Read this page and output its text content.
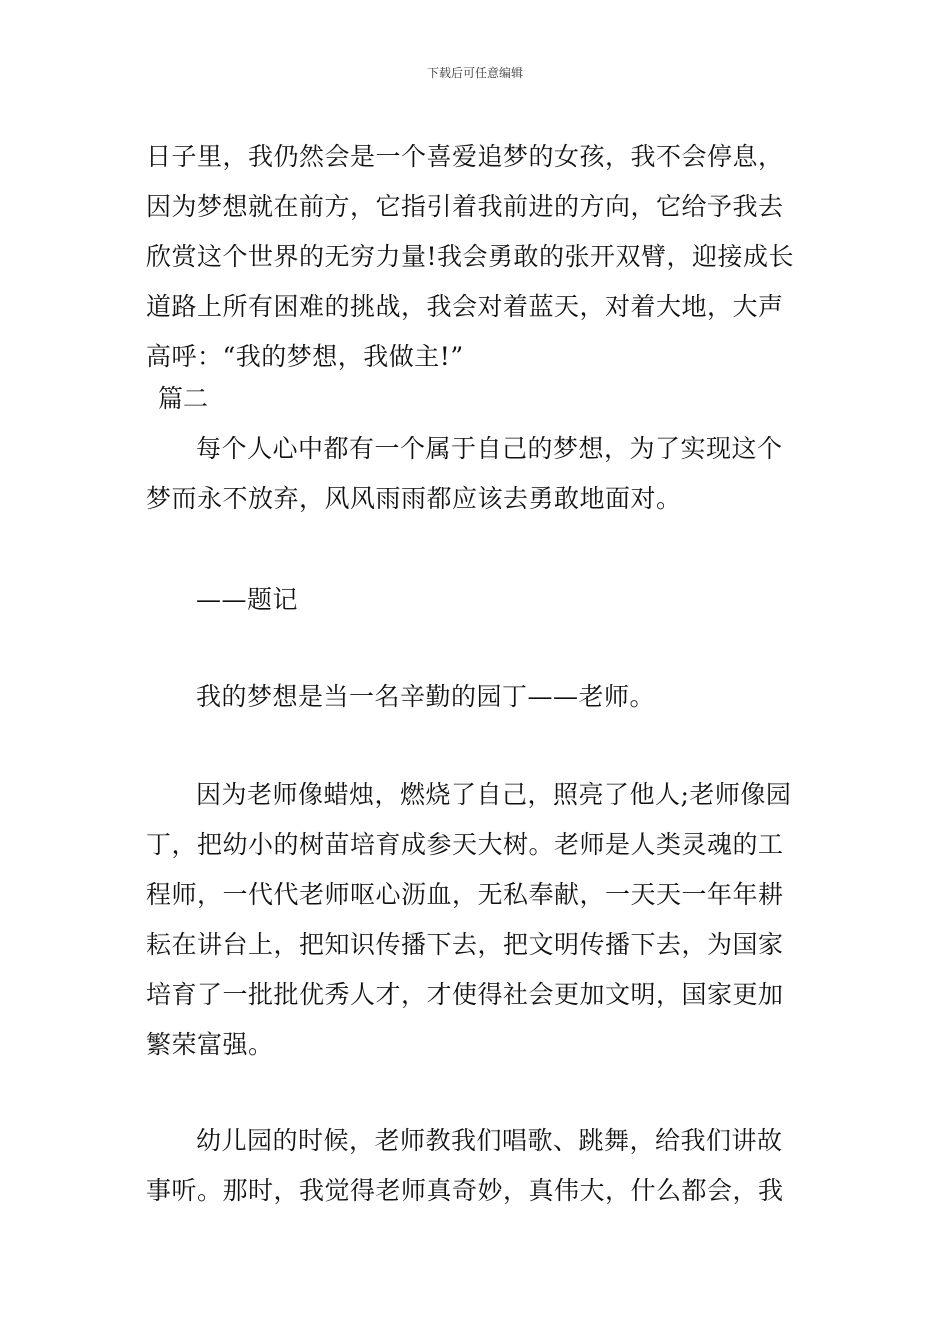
下载后可任意编辑
日子里，我仍然会是一个喜爱追梦的女孩，我不会停息，
因为梦想就在前方，它指引着我前进的方向，它给予我去
欣赏这个世界的无穷力量!我会勇敢的张开双臂，迎接成长
道路上所有困难的挑战，我会对着蓝天，对着大地，大声
高呼：“我的梦想，我做主!”
篇二
每个人心中都有一个属于自己的梦想，为了实现这个
梦而永不放弃，风风雨雨都应该去勇敢地面对。
——题记
我的梦想是当一名辛勤的园丁——老师。
因为老师像蜡烛，燃烧了自己，照亮了他人;老师像园
丁，把幼小的树苗培育成参天大树。老师是人类灵魂的工
程师，一代代老师呕心沥血，无私奉献，一天天一年年耕
耘在讲台上，把知识传播下去，把文明传播下去，为国家
培育了一批批优秀人才，才使得社会更加文明，国家更加
繁荣富强。
幼儿园的时候，老师教我们唱歌、跳舞，给我们讲故
事听。那时，我觉得老师真奇妙，真伟大，什么都会，我
